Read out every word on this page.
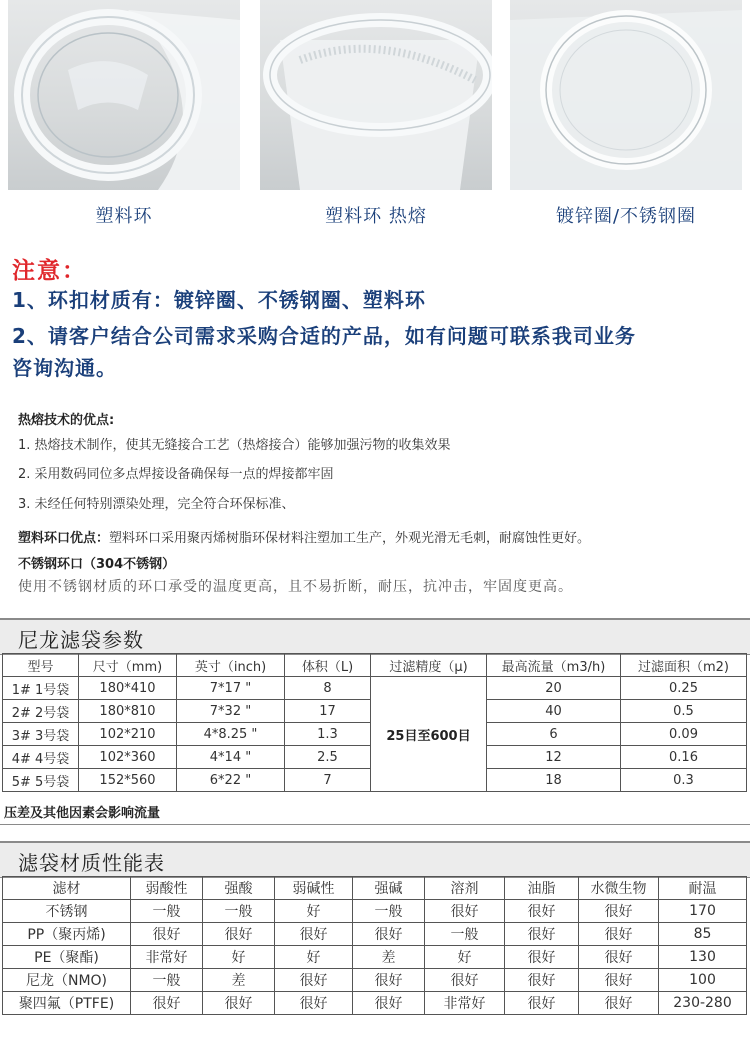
塑料环	塑料环 热熔	镀锌圈/不锈钢圈
注意：
1、环扣材质有：镀锌圈、不锈钢圈、塑料环
2、请客户结合公司需求采购合适的产品，如有问题可联系我司业务
咨询沟通。
热熔技术的优点:
1. 热熔技术制作，使其无缝接合工艺（热熔接合）能够加强污物的收集效果
2. 采用数码同位多点焊接设备确保每一点的焊接都牢固
3. 未经任何特别漂染处理，完全符合环保标准、
塑料环口优点：塑料环口采用聚丙烯树脂环保材料注塑加工生产，外观光滑无毛刺，耐腐蚀性更好。
不锈钢环口（304不锈钢）
使用不锈钢材质的环口承受的温度更高，且不易折断，耐压，抗冲击，牢固度更高。
尼龙滤袋参数
型号	尺寸（mm)	英寸（inch)	体积（L)	过滤精度（μ)	最高流量（m3/h)	过滤面积（m2)
1# 1号袋	180*410	7*17 "	8	25目至600目	20	0.25
2# 2号袋	180*810	7*32 "	17		40	0.5
3# 3号袋	102*210	4*8.25 "	1.3		6	0.09
4# 4号袋	102*360	4*14 "	2.5		12	0.16
5# 5号袋	152*560	6*22 "	7		18	0.3
压差及其他因素会影响流量
滤袋材质性能表
滤材	弱酸性	强酸	弱碱性	强碱	溶剂	油脂	水微生物	耐温
不锈钢	一般	一般	好	一般	很好	很好	很好	170
PP（聚丙烯)	很好	很好	很好	很好	一般	很好	很好	85
PE（聚酯)	非常好	好	好	差	好	很好	很好	130
尼龙（NMO)	一般	差	很好	很好	很好	很好	很好	100
聚四氟（PTFE)	很好	很好	很好	很好	非常好	很好	很好	230-280
